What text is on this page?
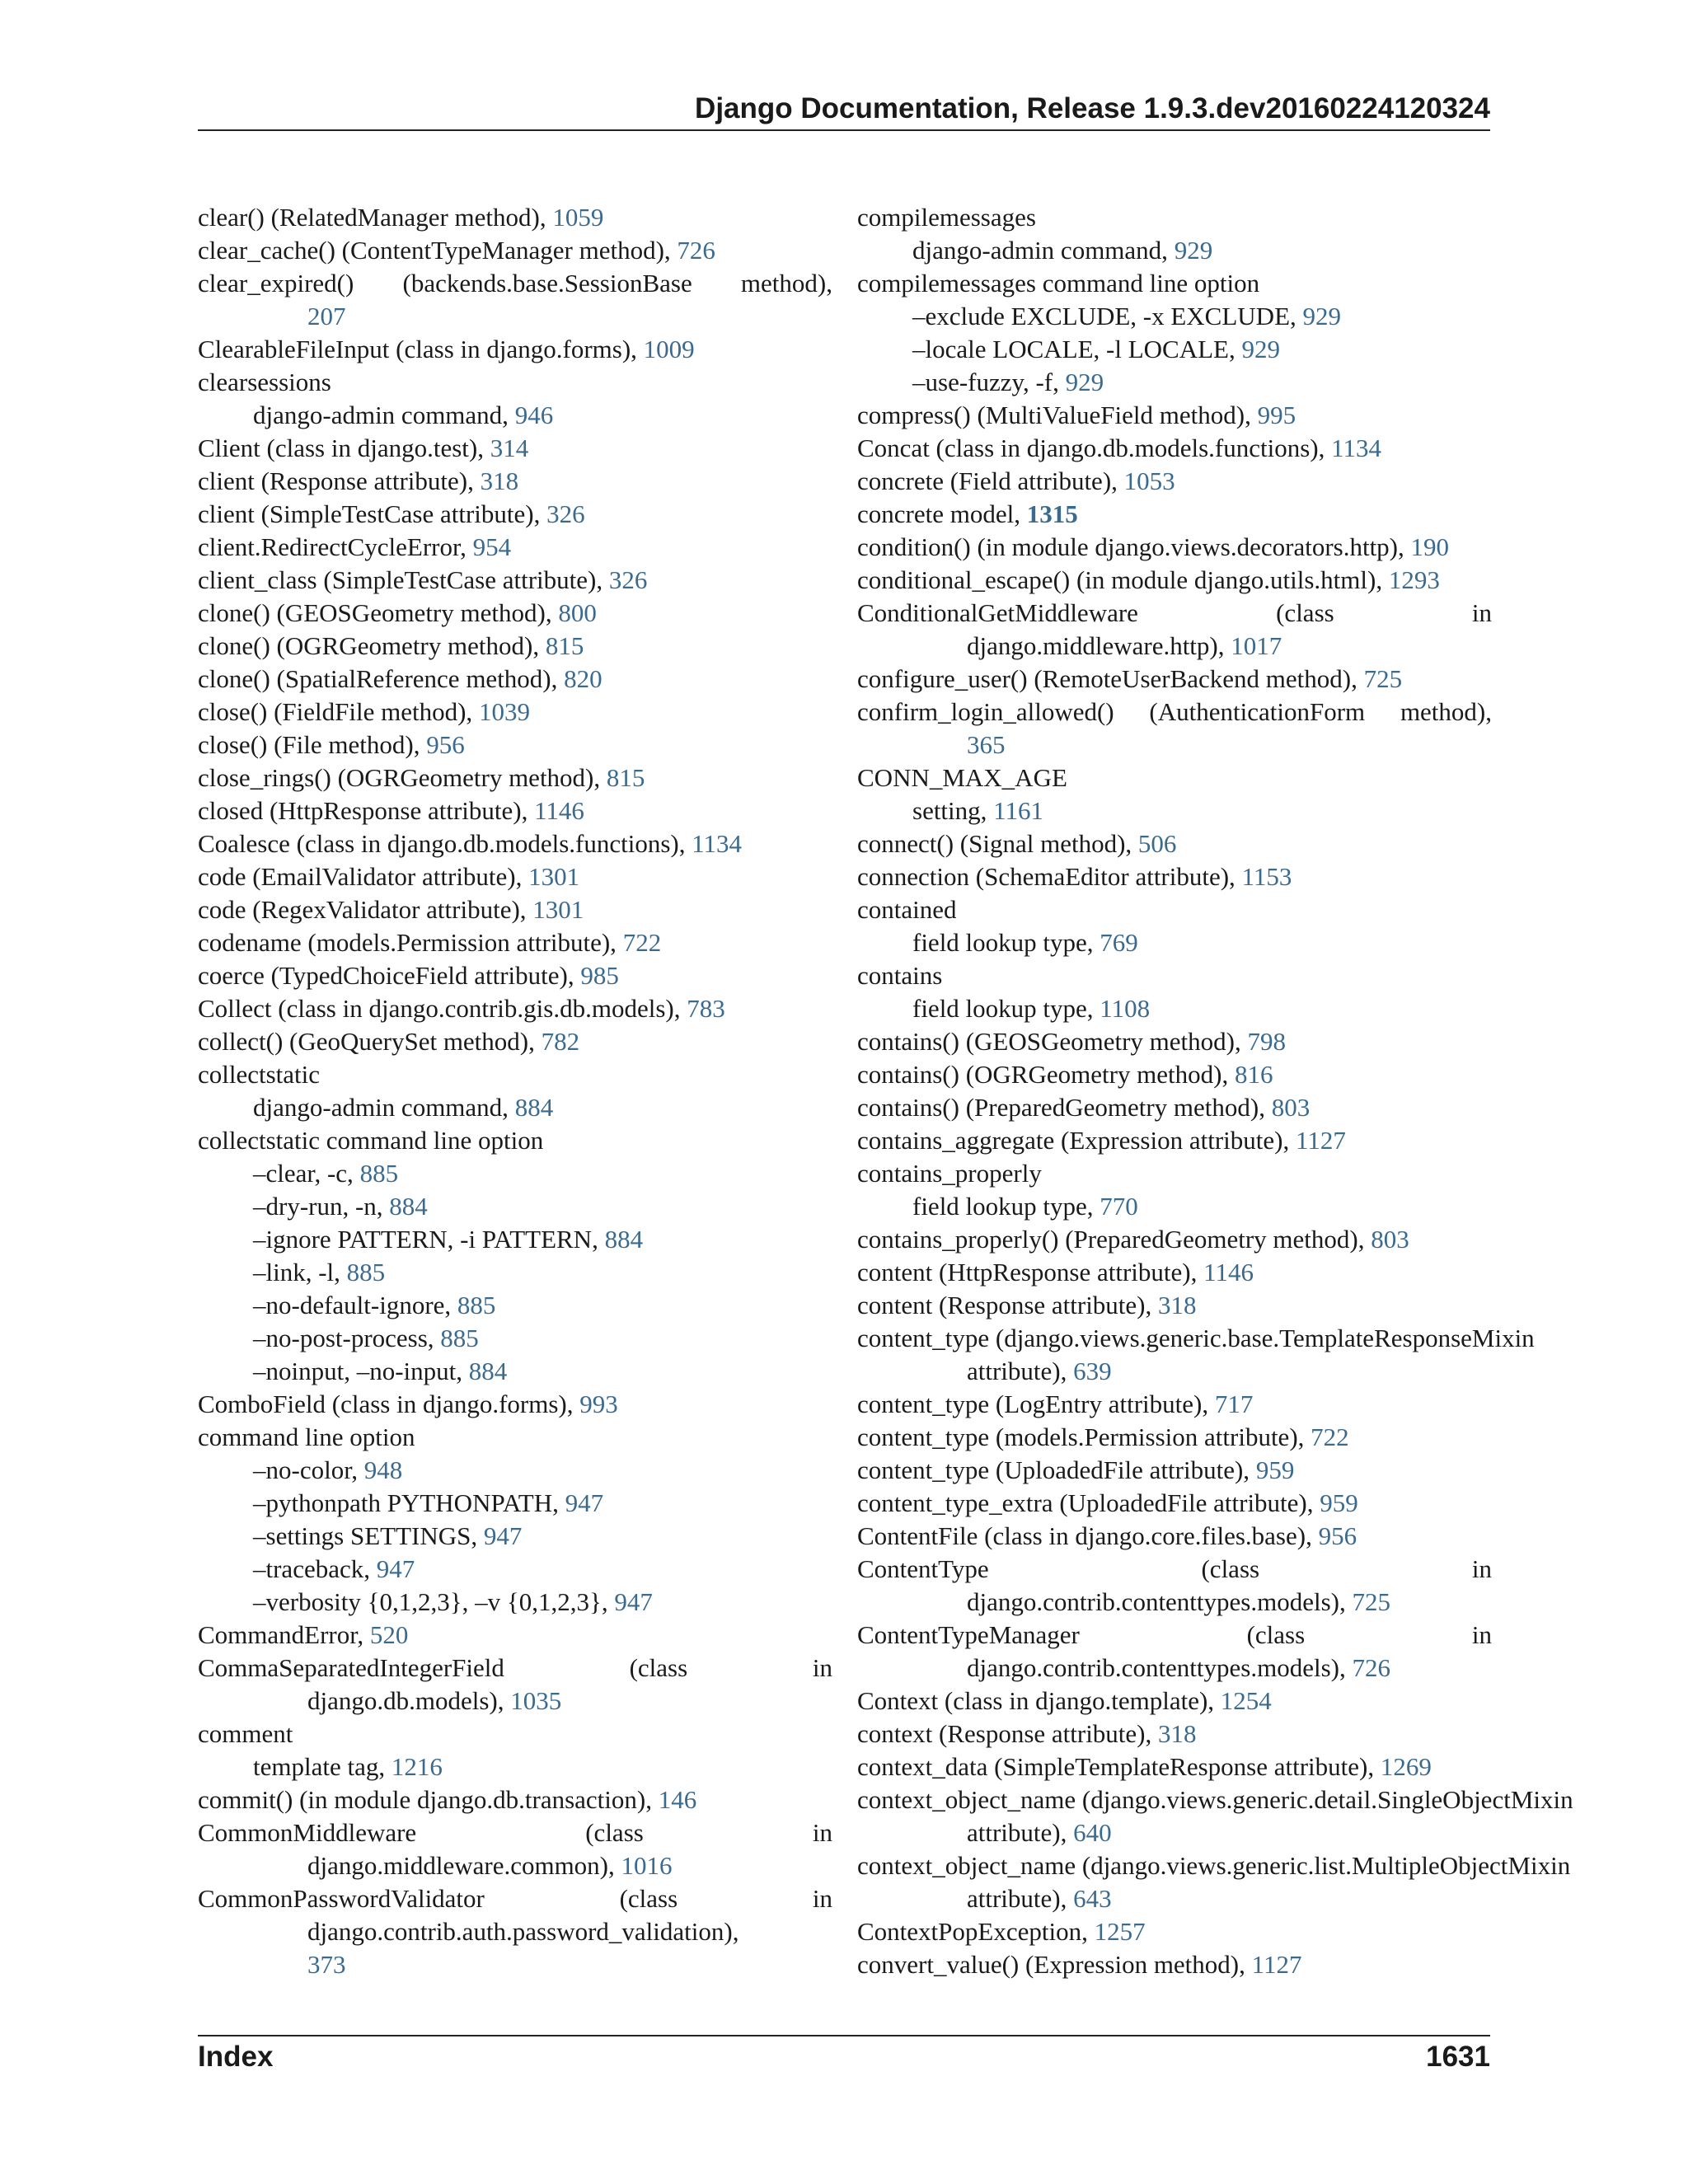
Django Documentation, Release 1.9.3.dev20160224120324
clear() (RelatedManager method), 1059
clear_cache() (ContentTypeManager method), 726
clear_expired() (backends.base.SessionBase method),
207
ClearableFileInput (class in django.forms), 1009
clearsessions
django-admin command, 946
Client (class in django.test), 314
client (Response attribute), 318
client (SimpleTestCase attribute), 326
client.RedirectCycleError, 954
client_class (SimpleTestCase attribute), 326
clone() (GEOSGeometry method), 800
clone() (OGRGeometry method), 815
clone() (SpatialReference method), 820
close() (FieldFile method), 1039
close() (File method), 956
close_rings() (OGRGeometry method), 815
closed (HttpResponse attribute), 1146
Coalesce (class in django.db.models.functions), 1134
code (EmailValidator attribute), 1301
code (RegexValidator attribute), 1301
codename (models.Permission attribute), 722
coerce (TypedChoiceField attribute), 985
Collect (class in django.contrib.gis.db.models), 783
collect() (GeoQuerySet method), 782
collectstatic
django-admin command, 884
collectstatic command line option
–clear, -c, 885
–dry-run, -n, 884
–ignore PATTERN, -i PATTERN, 884
–link, -l, 885
–no-default-ignore, 885
–no-post-process, 885
–noinput, –no-input, 884
ComboField (class in django.forms), 993
command line option
–no-color, 948
–pythonpath PYTHONPATH, 947
–settings SETTINGS, 947
–traceback, 947
–verbosity {0,1,2,3}, –v {0,1,2,3}, 947
CommandError, 520
CommaSeparatedIntegerField	(class	in
django.db.models), 1035
comment
template tag, 1216
commit() (in module django.db.transaction), 146
CommonMiddleware	(class	in
django.middleware.common), 1016
CommonPasswordValidator	(class	in
django.contrib.auth.password_validation),
373
compilemessages
django-admin command, 929
compilemessages command line option
–exclude EXCLUDE, -x EXCLUDE, 929
–locale LOCALE, -l LOCALE, 929
–use-fuzzy, -f, 929
compress() (MultiValueField method), 995
Concat (class in django.db.models.functions), 1134
concrete (Field attribute), 1053
concrete model, 1315
condition() (in module django.views.decorators.http), 190
conditional_escape() (in module django.utils.html), 1293
ConditionalGetMiddleware	(class	in
django.middleware.http), 1017
configure_user() (RemoteUserBackend method), 725
confirm_login_allowed() (AuthenticationForm method),
365
CONN_MAX_AGE
setting, 1161
connect() (Signal method), 506
connection (SchemaEditor attribute), 1153
contained
field lookup type, 769
contains
field lookup type, 1108
contains() (GEOSGeometry method), 798
contains() (OGRGeometry method), 816
contains() (PreparedGeometry method), 803
contains_aggregate (Expression attribute), 1127
contains_properly
field lookup type, 770
contains_properly() (PreparedGeometry method), 803
content (HttpResponse attribute), 1146
content (Response attribute), 318
content_type (django.views.generic.base.TemplateResponseMixin
attribute), 639
content_type (LogEntry attribute), 717
content_type (models.Permission attribute), 722
content_type (UploadedFile attribute), 959
content_type_extra (UploadedFile attribute), 959
ContentFile (class in django.core.files.base), 956
ContentType	(class	in
django.contrib.contenttypes.models), 725
ContentTypeManager	(class	in
django.contrib.contenttypes.models), 726
Context (class in django.template), 1254
context (Response attribute), 318
context_data (SimpleTemplateResponse attribute), 1269
context_object_name (django.views.generic.detail.SingleObjectMixin
attribute), 640
context_object_name (django.views.generic.list.MultipleObjectMixin
attribute), 643
ContextPopException, 1257
convert_value() (Expression method), 1127
Index	1631
